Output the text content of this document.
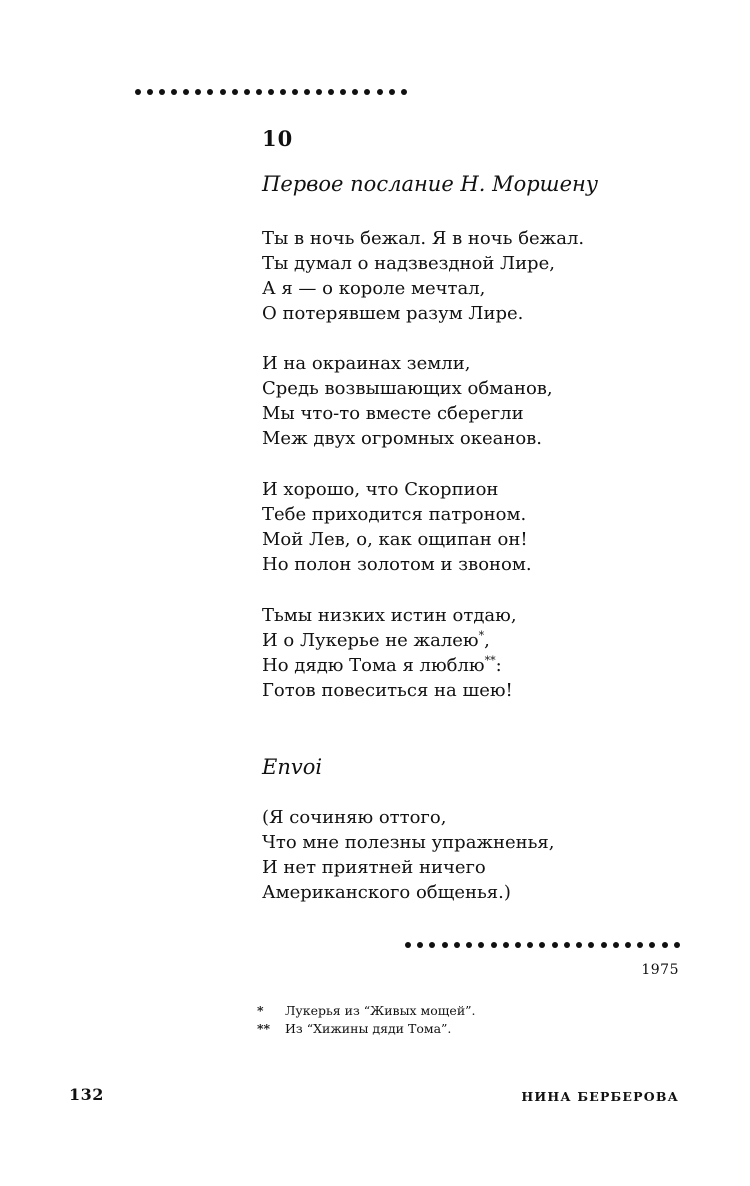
10
Первое послание Н. Моршену
Ты в ночь бежал. Я в ночь бежал.
Ты думал о надзвездной Лире,
А я — о короле мечтал,
О потерявшем разум Лире.
И на окраинах земли,
Средь возвышающих обманов,
Мы что-то вместе сберегли
Меж двух огромных океанов.
И хорошо, что Скорпион
Тебе приходится патроном.
Мой Лев, о, как ощипан он!
Но полон золотом и звоном.
Тьмы низких истин отдаю,
И о Лукерье не жалею*,
Но дядю Тома я люблю**:
Готов повеситься на шею!
Envoi
(Я сочиняю оттого,
Что мне полезны упражненья,
И нет приятней ничего
Американского общенья.)
1975
*	Лукерья из “Живых мощей”.
**	Из “Хижины дяди Тома”.
132	НИНА БЕРБЕРОВА
